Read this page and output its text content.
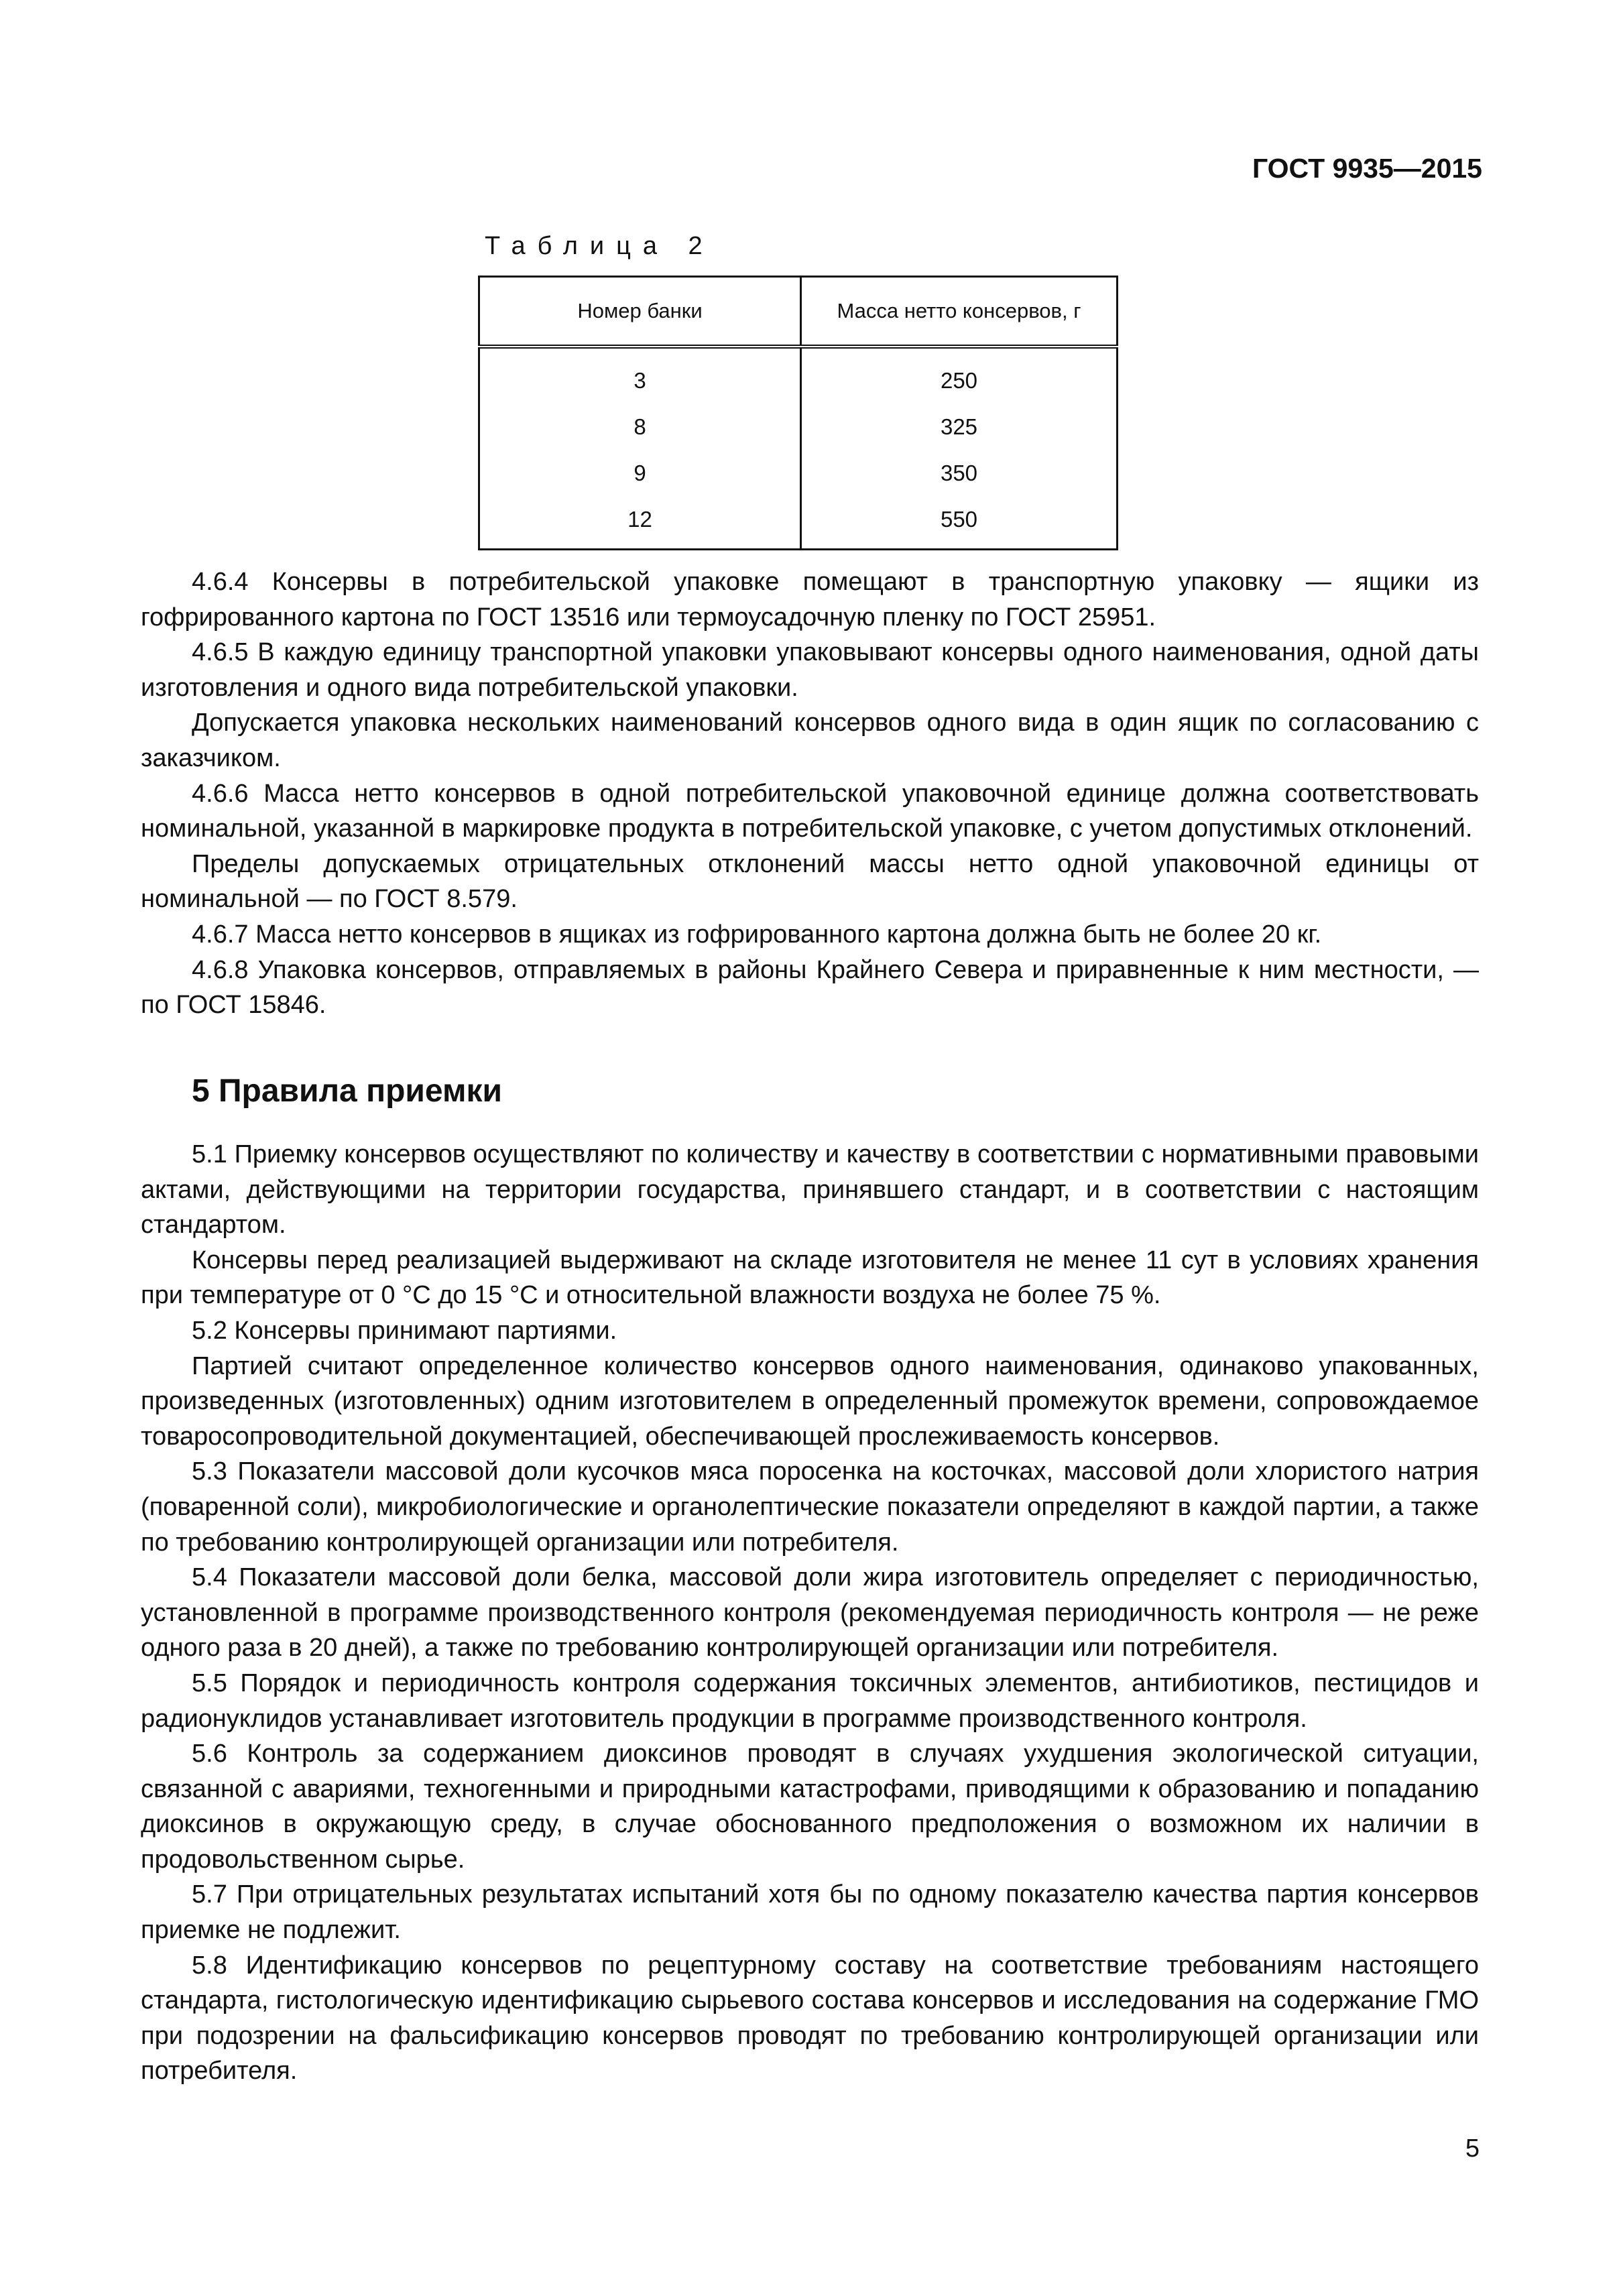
ГОСТ 9935—2015
Таблица 2
Номер банки	Масса нетто консервов, г
3	250
8	325
9	350
12	550

4.6.4 Консервы в потребительской упаковке помещают в транспортную упаковку — ящики из гофрированного картона по ГОСТ 13516 или термоусадочную пленку по ГОСТ 25951.

4.6.5 В каждую единицу транспортной упаковки упаковывают консервы одного наименования, одной даты изготовления и одного вида потребительской упаковки.

Допускается упаковка нескольких наименований консервов одного вида в один ящик по согласованию с заказчиком.

4.6.6 Масса нетто консервов в одной потребительской упаковочной единице должна соответствовать номинальной, указанной в маркировке продукта в потребительской упаковке, с учетом допустимых отклонений.

Пределы допускаемых отрицательных отклонений массы нетто одной упаковочной единицы от номинальной — по ГОСТ 8.579.

4.6.7 Масса нетто консервов в ящиках из гофрированного картона должна быть не более 20 кг.

4.6.8 Упаковка консервов, отправляемых в районы Крайнего Севера и приравненные к ним местности, — по ГОСТ 15846.

5 Правила приемки

5.1 Приемку консервов осуществляют по количеству и качеству в соответствии с нормативными правовыми актами, действующими на территории государства, принявшего стандарт, и в соответствии с настоящим стандартом.

Консервы перед реализацией выдерживают на складе изготовителя не менее 11 сут в условиях хранения при температуре от 0 °С до 15 °С и относительной влажности воздуха не более 75 %.

5.2 Консервы принимают партиями.

Партией считают определенное количество консервов одного наименования, одинаково упакованных, произведенных (изготовленных) одним изготовителем в определенный промежуток времени, сопровождаемое товаросопроводительной документацией, обеспечивающей прослеживаемость консервов.

5.3 Показатели массовой доли кусочков мяса поросенка на косточках, массовой доли хлористого натрия (поваренной соли), микробиологические и органолептические показатели определяют в каждой партии, а также по требованию контролирующей организации или потребителя.

5.4 Показатели массовой доли белка, массовой доли жира изготовитель определяет с периодичностью, установленной в программе производственного контроля (рекомендуемая периодичность контроля — не реже одного раза в 20 дней), а также по требованию контролирующей организации или потребителя.

5.5 Порядок и периодичность контроля содержания токсичных элементов, антибиотиков, пестицидов и радионуклидов устанавливает изготовитель продукции в программе производственного контроля.

5.6 Контроль за содержанием диоксинов проводят в случаях ухудшения экологической ситуации, связанной с авариями, техногенными и природными катастрофами, приводящими к образованию и попаданию диоксинов в окружающую среду, в случае обоснованного предположения о возможном их наличии в продовольственном сырье.

5.7 При отрицательных результатах испытаний хотя бы по одному показателю качества партия консервов приемке не подлежит.

5.8 Идентификацию консервов по рецептурному составу на соответствие требованиям настоящего стандарта, гистологическую идентификацию сырьевого состава консервов и исследования на содержание ГМО при подозрении на фальсификацию консервов проводят по требованию контролирующей организации или потребителя.

5
